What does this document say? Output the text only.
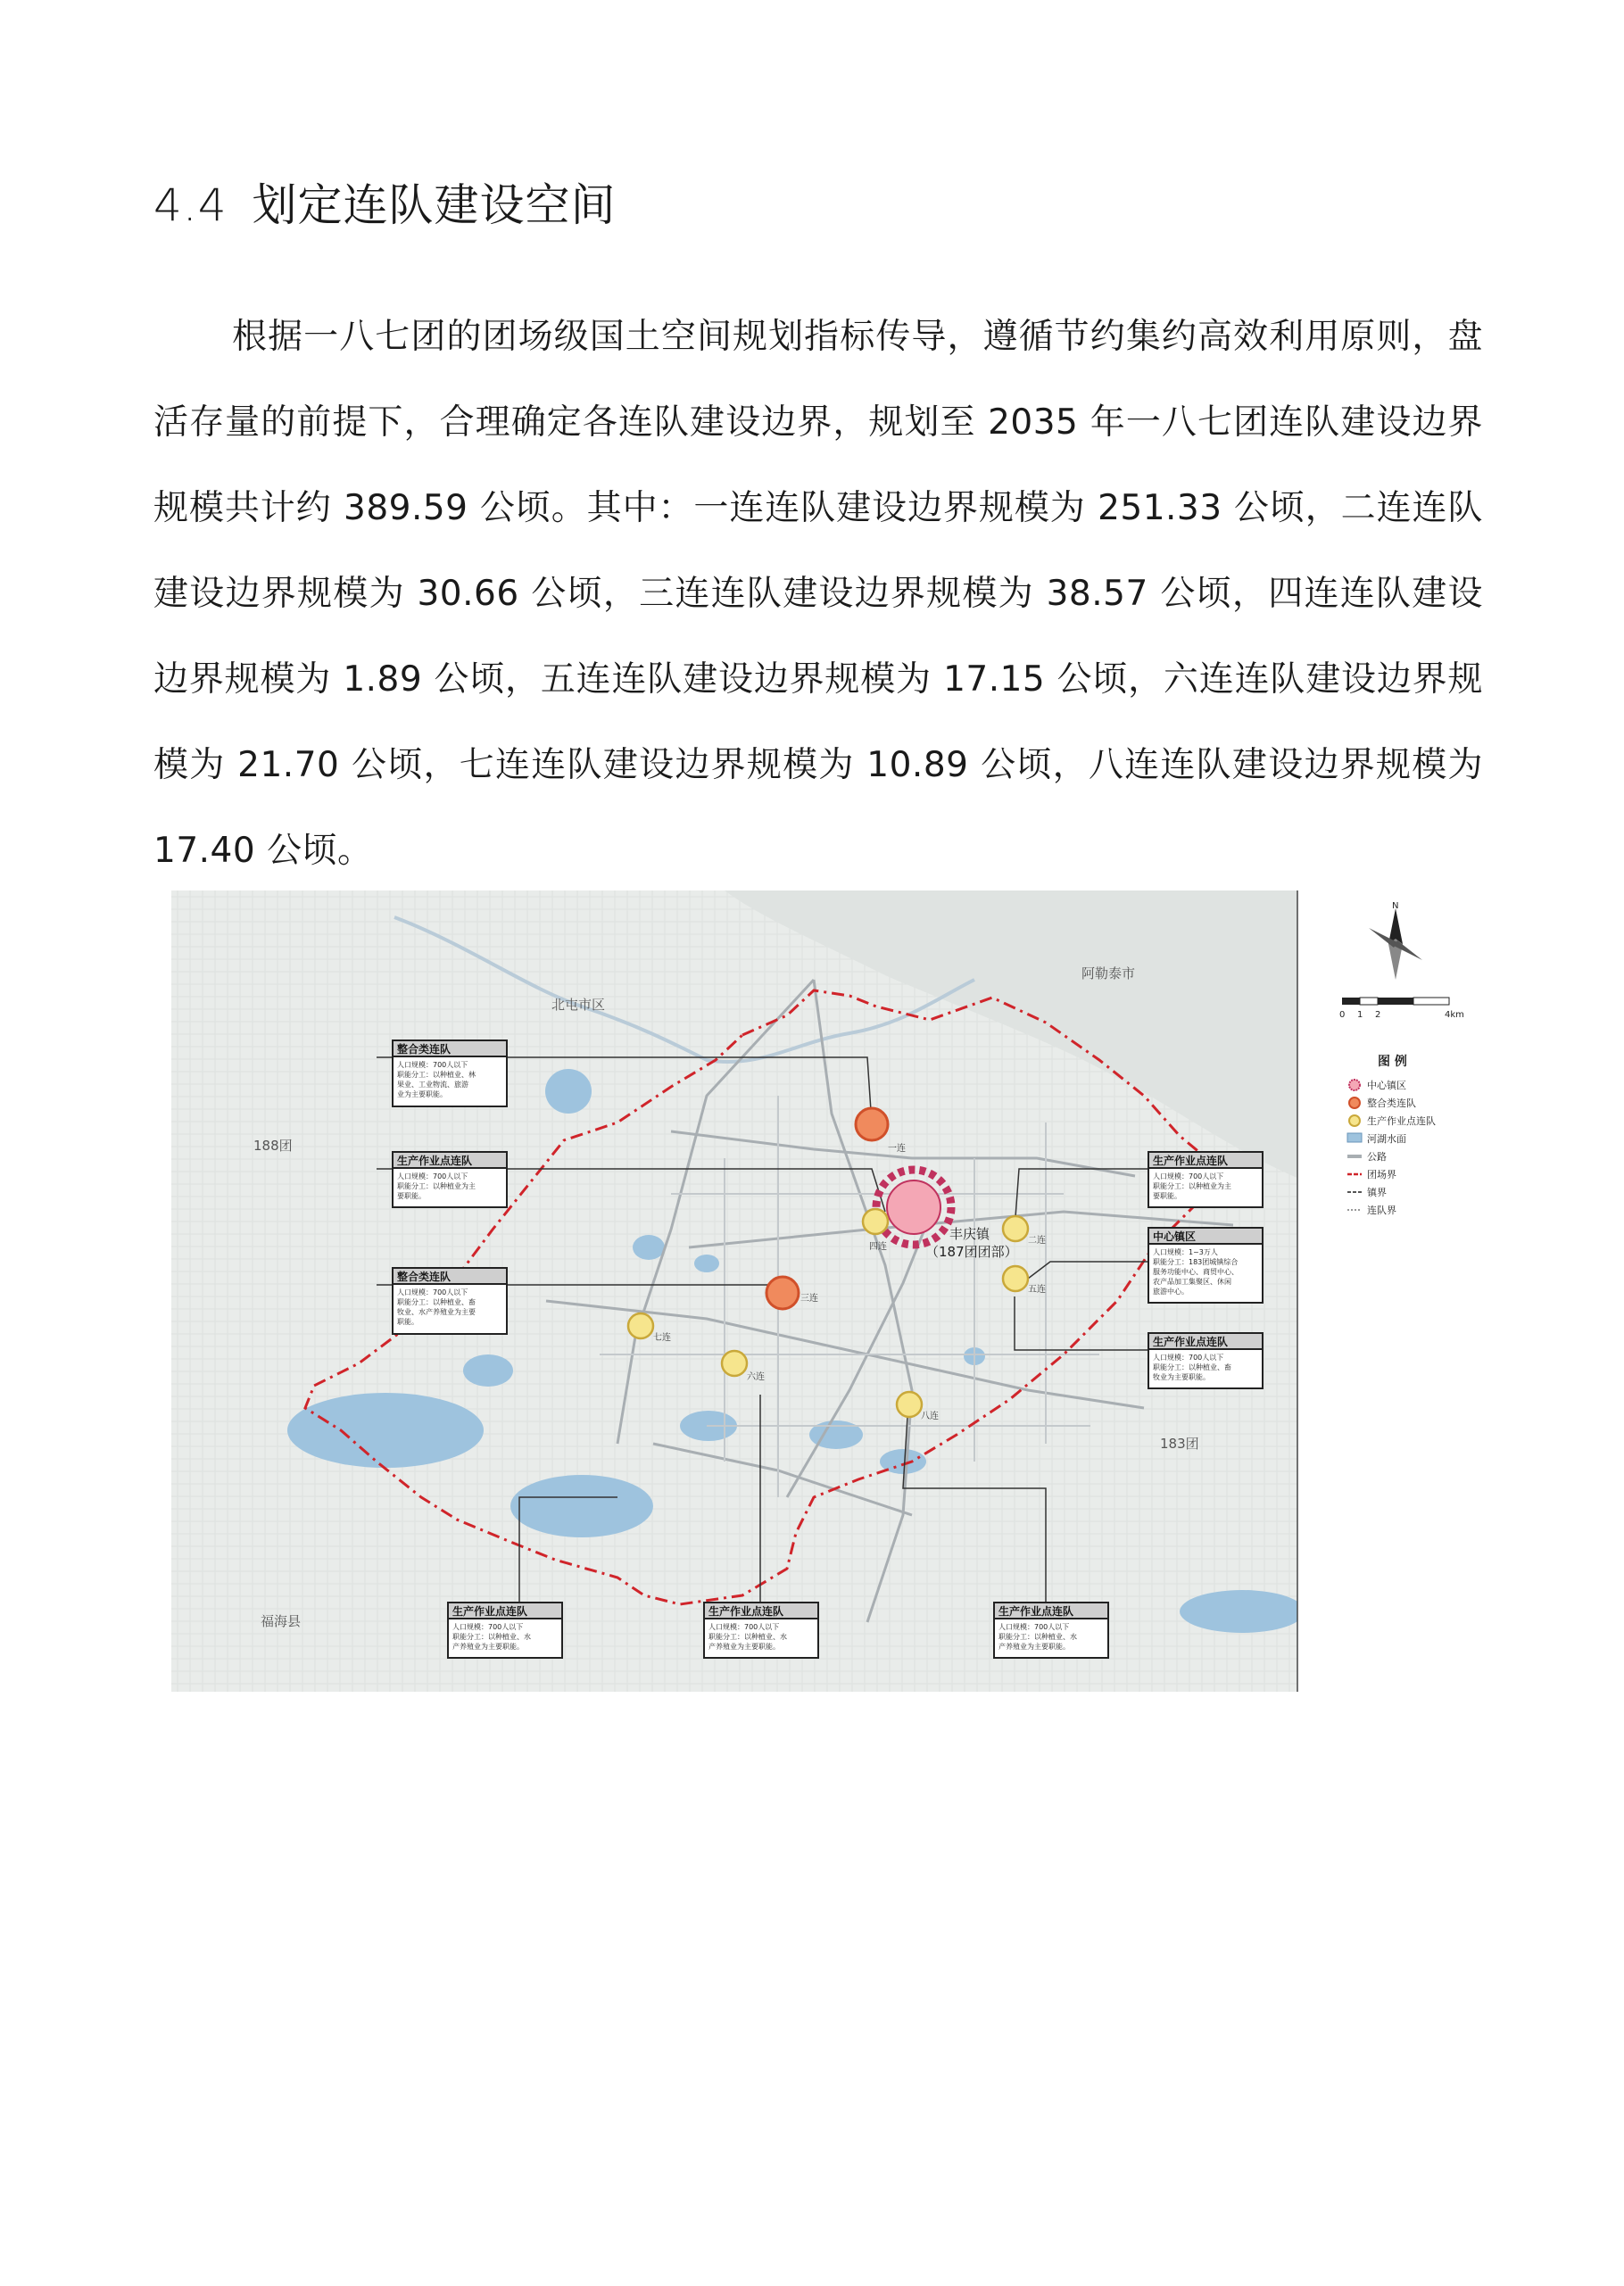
4.4 划定连队建设空间

根据一八七团的团场级国土空间规划指标传导，遵循节约集约高效利用原则，盘活存量的前提下，合理确定各连队建设边界，规划至 2035 年一八七团连队建设边界规模共计约 389.59 公顷。其中：一连连队建设边界规模为 251.33 公顷，二连连队建设边界规模为 30.66 公顷，三连连队建设边界规模为 38.57 公顷，四连连队建设边界规模为 1.89 公顷，五连连队建设边界规模为 17.15 公顷，六连连队建设边界规模为 21.70 公顷，七连连队建设边界规模为 10.89 公顷，八连连队建设边界规模为 17.40 公顷。

丰庆镇
（187团团部）
一连
四连
二连
五连
三连
七连
六连
八连
北屯市区
阿勒泰市
188团
183团
福海县
整合类连队
人口规模：700人以下
职能分工：以种植业、林
果业、工业物流、旅游
业为主要职能。
生产作业点连队
人口规模：700人以下
职能分工：以种植业为主
要职能。
整合类连队
人口规模：700人以下
职能分工：以种植业、畜
牧业、水产养殖业为主要
职能。
生产作业点连队
人口规模：700人以下
职能分工：以种植业为主
要职能。
中心镇区
人口规模：1~3万人
职能分工：183团城镇综合
服务功能中心、商贸中心、
农产品加工集聚区、休闲
旅游中心。
生产作业点连队
人口规模：700人以下
职能分工：以种植业、畜
牧业为主要职能。
生产作业点连队
人口规模：700人以下
职能分工：以种植业、水
产养殖业为主要职能。
生产作业点连队
人口规模：700人以下
职能分工：以种植业、水
产养殖业为主要职能。
生产作业点连队
人口规模：700人以下
职能分工：以种植业、水
产养殖业为主要职能。
N
0 1 2	4km
图 例
中心镇区
整合类连队
生产作业点连队
河湖水面
公路
团场界
镇界
连队界
